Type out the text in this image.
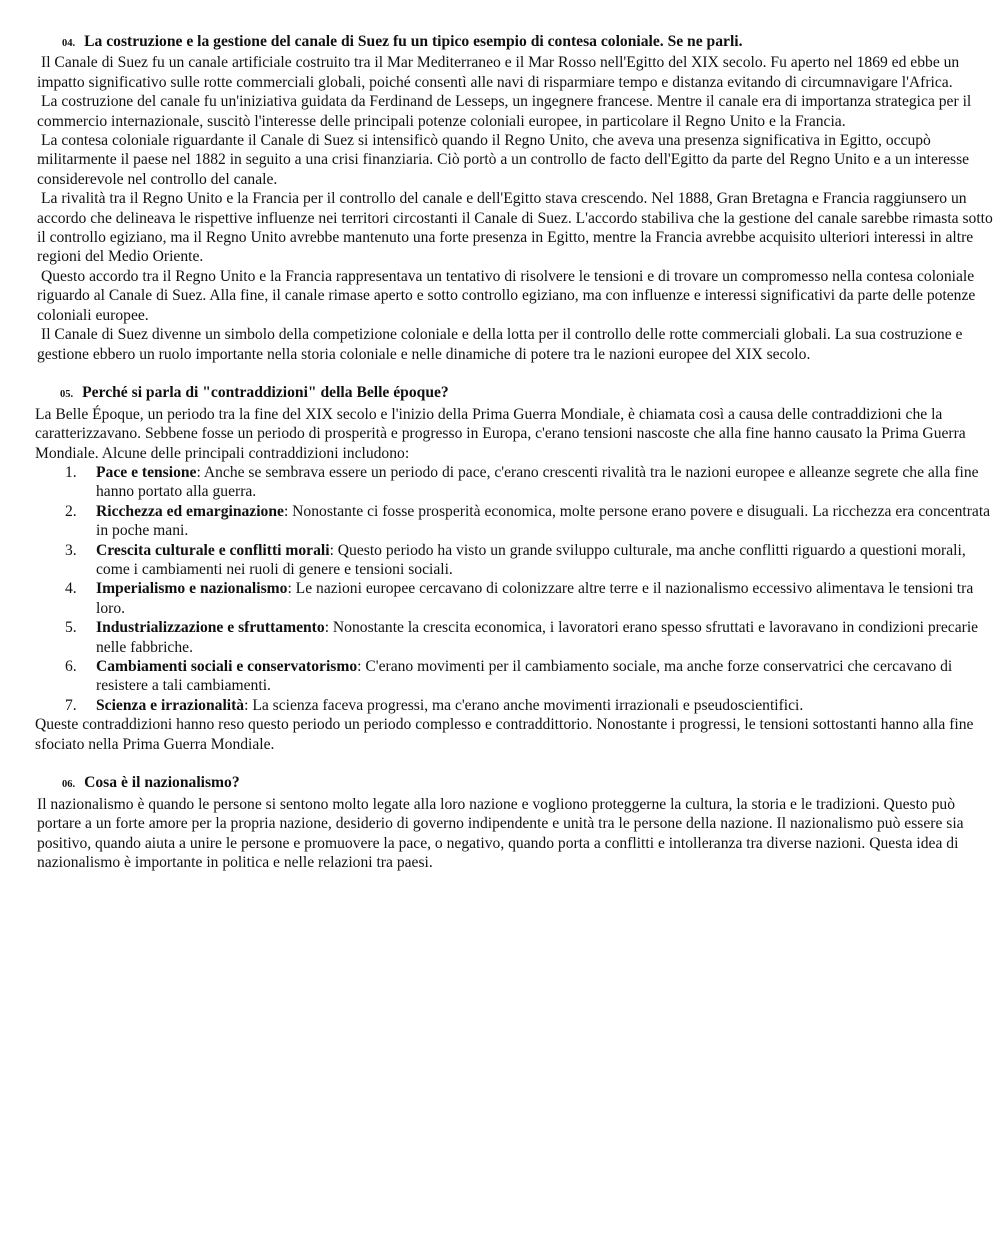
04. La costruzione e la gestione del canale di Suez fu un tipico esempio di contesa coloniale. Se ne parli.

Il Canale di Suez fu un canale artificiale costruito tra il Mar Mediterraneo e il Mar Rosso nell'Egitto del XIX secolo. Fu aperto nel 1869 ed ebbe un impatto significativo sulle rotte commerciali globali, poiché consentì alle navi di risparmiare tempo e distanza evitando di circumnavigare l'Africa.

La costruzione del canale fu un'iniziativa guidata da Ferdinand de Lesseps, un ingegnere francese. Mentre il canale era di importanza strategica per il commercio internazionale, suscitò l'interesse delle principali potenze coloniali europee, in particolare il Regno Unito e la Francia.

La contesa coloniale riguardante il Canale di Suez si intensificò quando il Regno Unito, che aveva una presenza significativa in Egitto, occupò militarmente il paese nel 1882 in seguito a una crisi finanziaria. Ciò portò a un controllo de facto dell'Egitto da parte del Regno Unito e a un interesse considerevole nel controllo del canale.

La rivalità tra il Regno Unito e la Francia per il controllo del canale e dell'Egitto stava crescendo. Nel 1888, Gran Bretagna e Francia raggiunsero un accordo che delineava le rispettive influenze nei territori circostanti il Canale di Suez. L'accordo stabiliva che la gestione del canale sarebbe rimasta sotto il controllo egiziano, ma il Regno Unito avrebbe mantenuto una forte presenza in Egitto, mentre la Francia avrebbe acquisito ulteriori interessi in altre regioni del Medio Oriente.

Questo accordo tra il Regno Unito e la Francia rappresentava un tentativo di risolvere le tensioni e di trovare un compromesso nella contesa coloniale riguardo al Canale di Suez. Alla fine, il canale rimase aperto e sotto controllo egiziano, ma con influenze e interessi significativi da parte delle potenze coloniali europee.

Il Canale di Suez divenne un simbolo della competizione coloniale e della lotta per il controllo delle rotte commerciali globali. La sua costruzione e gestione ebbero un ruolo importante nella storia coloniale e nelle dinamiche di potere tra le nazioni europee del XIX secolo.

05. Perché si parla di "contraddizioni" della Belle époque?

La Belle Époque, un periodo tra la fine del XIX secolo e l'inizio della Prima Guerra Mondiale, è chiamata così a causa delle contraddizioni che la caratterizzavano. Sebbene fosse un periodo di prosperità e progresso in Europa, c'erano tensioni nascoste che alla fine hanno causato la Prima Guerra Mondiale. Alcune delle principali contraddizioni includono:

1. Pace e tensione: Anche se sembrava essere un periodo di pace, c'erano crescenti rivalità tra le nazioni europee e alleanze segrete che alla fine hanno portato alla guerra.
2. Ricchezza ed emarginazione: Nonostante ci fosse prosperità economica, molte persone erano povere e disuguali. La ricchezza era concentrata in poche mani.
3. Crescita culturale e conflitti morali: Questo periodo ha visto un grande sviluppo culturale, ma anche conflitti riguardo a questioni morali, come i cambiamenti nei ruoli di genere e tensioni sociali.
4. Imperialismo e nazionalismo: Le nazioni europee cercavano di colonizzare altre terre e il nazionalismo eccessivo alimentava le tensioni tra loro.
5. Industrializzazione e sfruttamento: Nonostante la crescita economica, i lavoratori erano spesso sfruttati e lavoravano in condizioni precarie nelle fabbriche.
6. Cambiamenti sociali e conservatorismo: C'erano movimenti per il cambiamento sociale, ma anche forze conservatrici che cercavano di resistere a tali cambiamenti.
7. Scienza e irrazionalità: La scienza faceva progressi, ma c'erano anche movimenti irrazionali e pseudoscientifici.

Queste contraddizioni hanno reso questo periodo un periodo complesso e contraddittorio. Nonostante i progressi, le tensioni sottostanti hanno alla fine sfociato nella Prima Guerra Mondiale.

06. Cosa è il nazionalismo?

Il nazionalismo è quando le persone si sentono molto legate alla loro nazione e vogliono proteggerne la cultura, la storia e le tradizioni. Questo può portare a un forte amore per la propria nazione, desiderio di governo indipendente e unità tra le persone della nazione. Il nazionalismo può essere sia positivo, quando aiuta a unire le persone e promuovere la pace, o negativo, quando porta a conflitti e intolleranza tra diverse nazioni. Questa idea di nazionalismo è importante in politica e nelle relazioni tra paesi.
